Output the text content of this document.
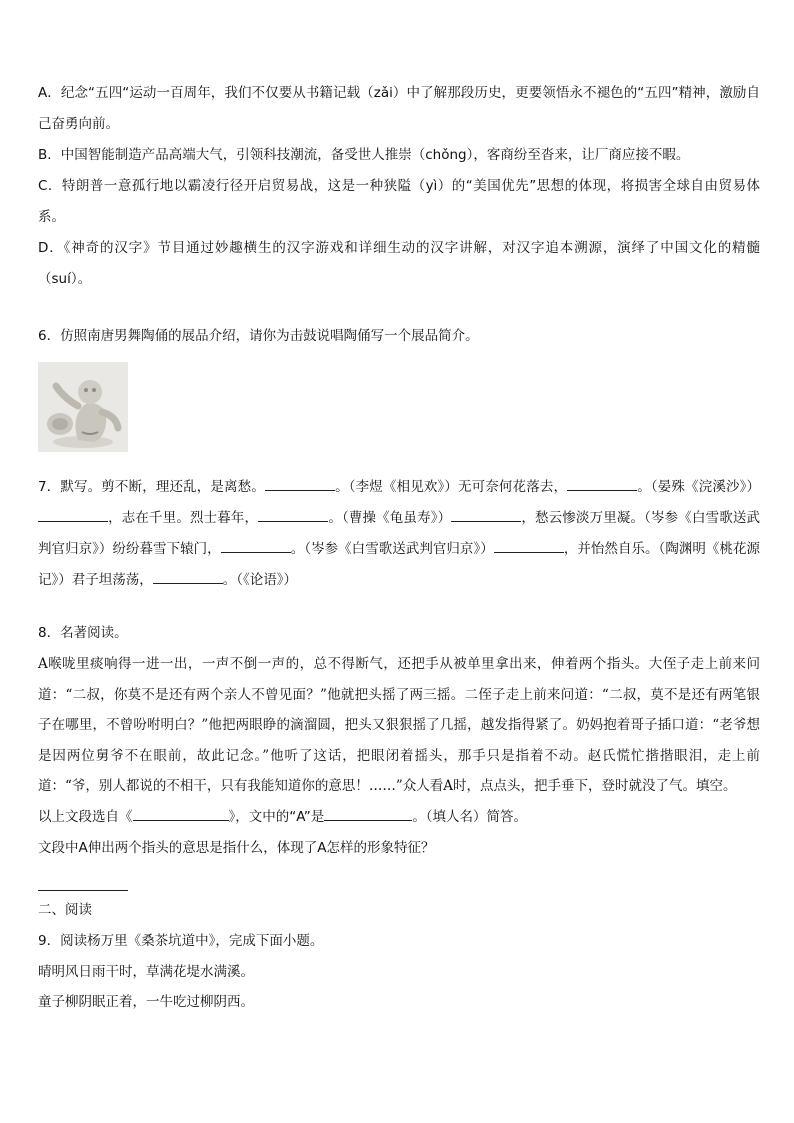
A．纪念“五四“运动一百周年，我们不仅要从书籍记载（zǎi）中了解那段历史，更要领悟永不褪色的“五四”精神，激励自己奋勇向前。

B．中国智能制造产品高端大气，引领科技潮流，备受世人推崇（chǒng），客商纷至沓来，让厂商应接不暇。

C．特朗普一意孤行地以霸凌行径开启贸易战，这是一种狭隘（yì）的“美国优先”思想的体现，将损害全球自由贸易体系。

D．《神奇的汉字》节目通过妙趣横生的汉字游戏和详细生动的汉字讲解，对汉字追本溯源，演绎了中国文化的精髓（suí）。

6．仿照南唐男舞陶俑的展品介绍，请你为击鼓说唱陶俑写一个展品简介。

7．默写。剪不断，理还乱，是离愁。	。（李煜《相见欢》）无可奈何花落去，	。（晏殊《浣溪沙》），志在千里。烈士暮年，	。（曹操《龟虽寿》）	，愁云惨淡万里凝。（岑参《白雪歌送武判官归京》）纷纷暮雪下辕门，	。（岑参《白雪歌送武判官归京》）	，并怡然自乐。（陶渊明《桃花源记》）君子坦荡荡，	。（《论语》）

8．名著阅读。

A喉咙里痰响得一进一出，一声不倒一声的，总不得断气，还把手从被单里拿出来，伸着两个指头。大侄子走上前来问道：“二叔，你莫不是还有两个亲人不曾见面？”他就把头摇了两三摇。二侄子走上前来问道：“二叔，莫不是还有两笔银子在哪里，不曾吩咐明白？”他把两眼睁的滴溜圆，把头又狠狠摇了几摇，越发指得紧了。奶妈抱着哥子插口道：“老爷想是因两位舅爷不在眼前，故此记念。”他听了这话，把眼闭着摇头，那手只是指着不动。赵氏慌忙揩揩眼泪，走上前道：“爷，别人都说的不相干，只有我能知道你的意思！……”众人看A时，点点头，把手垂下，登时就没了气。填空。

以上文段选自《	》，文中的“A”是	。（填人名）简答。

文段中A伸出两个指头的意思是指什么，体现了A怎样的形象特征？

二、阅读

9．阅读杨万里《桑茶坑道中》，完成下面小题。

晴明风日雨干时，草满花堤水满溪。

童子柳阴眠正着，一牛吃过柳阴西。
